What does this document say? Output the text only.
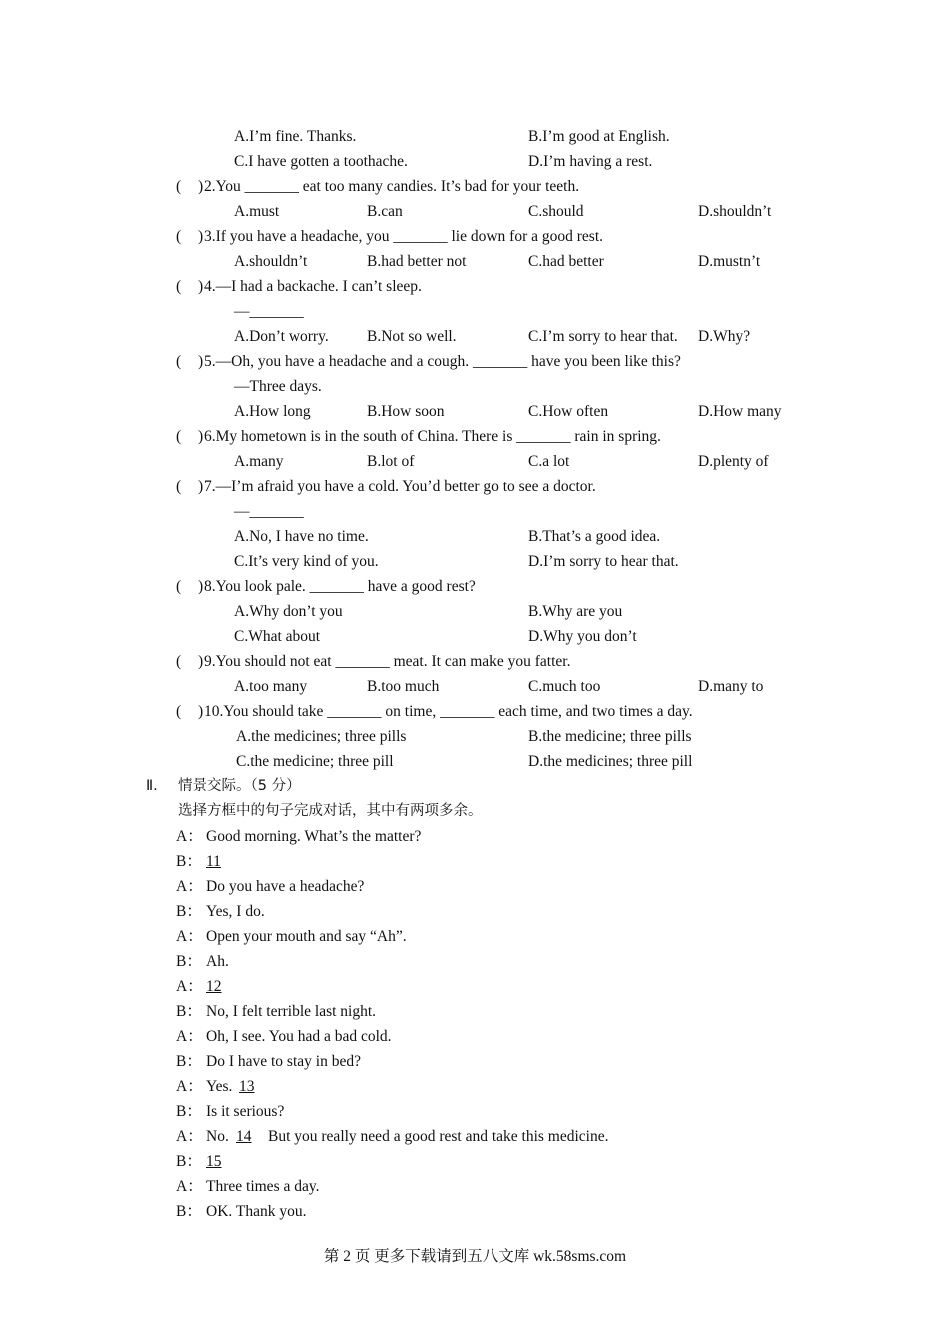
A.I’m fine. Thanks.	B.I’m good at English.
C.I have gotten a toothache.	D.I’m having a rest.
( ) 2.You _______ eat too many candies. It’s bad for your teeth.
A.must	B.can	C.should	D.shouldn’t
( ) 3.If you have a headache, you _______ lie down for a good rest.
A.shouldn’t	B.had better not	C.had better	D.mustn’t
( ) 4.—I had a backache. I can’t sleep.
—_______
A.Don’t worry. B.Not so well.	C.I’m sorry to hear that. D.Why?
( ) 5.—Oh, you have a headache and a cough. _______ have you been like this?
—Three days.
A.How long	B.How soon	C.How often	D.How many
( ) 6.My hometown is in the south of China. There is _______ rain in spring.
A.many	B.lot of	C.a lot	D.plenty of
( ) 7.—I’m afraid you have a cold. You’d better go to see a doctor.
—_______
A.No, I have no time.	B.That’s a good idea.
C.It’s very kind of you.	D.I’m sorry to hear that.
( ) 8.You look pale. _______ have a good rest?
A.Why don’t you	B.Why are you
C.What about	D.Why you don’t
( ) 9.You should not eat _______ meat. It can make you fatter.
A.too many	B.too much	C.much too	D.many to
( ) 10.You should take _______ on time, _______ each time, and two times a day.
A.the medicines; three pills	B.the medicine; three pills
C.the medicine; three pill	D.the medicines; three pill
Ⅱ. 情景交际。（5 分）
选择方框中的句子完成对话，其中有两项多余。
A： Good morning. What’s the matter?
B： 11
A： Do you have a headache?
B： Yes, I do.
A： Open your mouth and say “Ah”.
B： Ah.
A： 12
B： No, I felt terrible last night.
A： Oh, I see. You had a bad cold.
B： Do I have to stay in bed?
A： Yes. 13
B： Is it serious?
A： No. 14 But you really need a good rest and take this medicine.
B： 15
A： Three times a day.
B： OK. Thank you.
第 2 页 更多下载请到五八文库 wk.58sms.com
